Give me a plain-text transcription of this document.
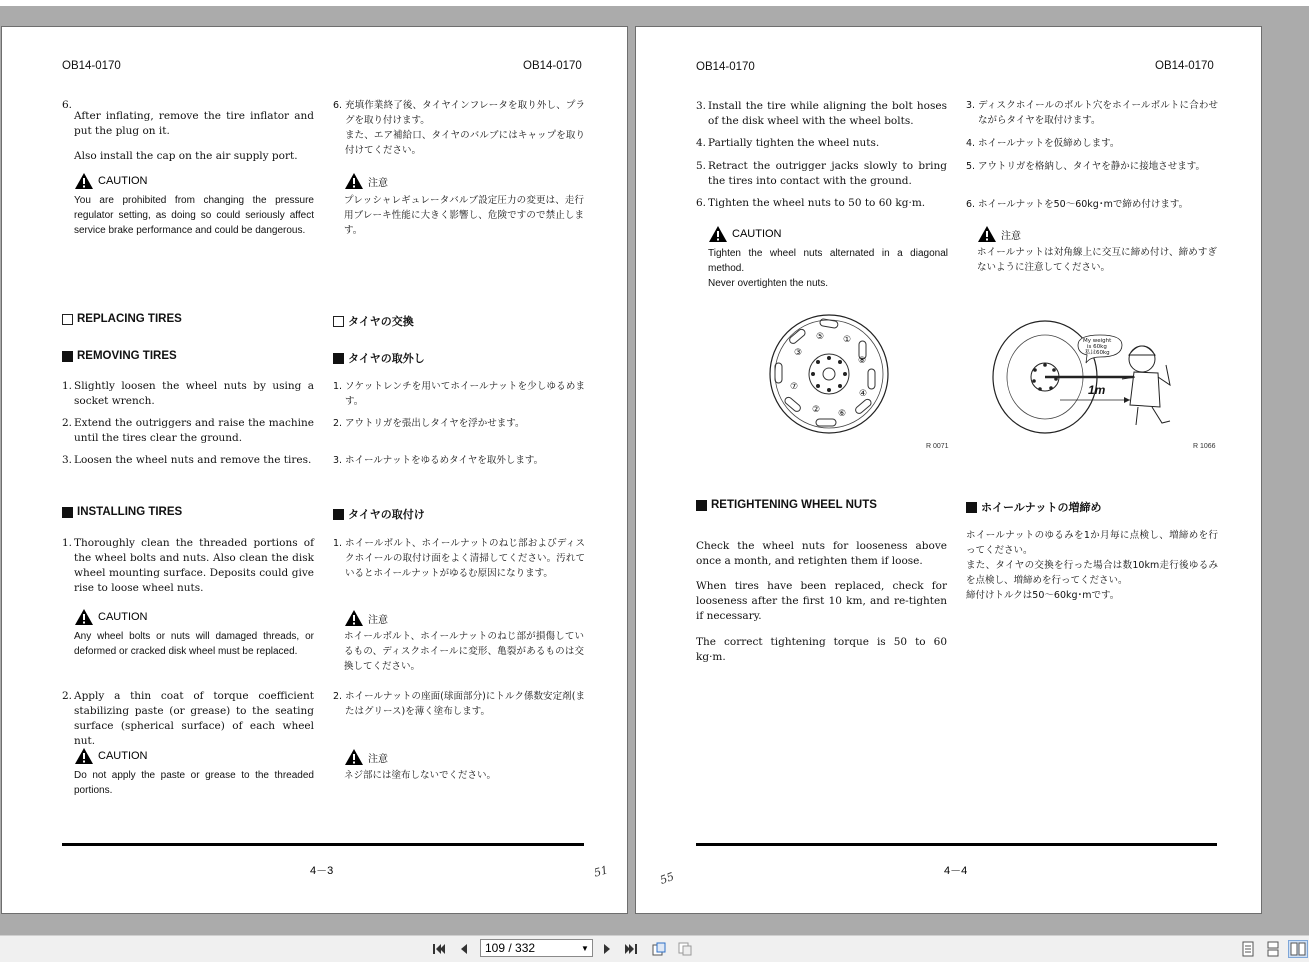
OB14-0170	OB14-0170
6.

After inflating, remove the tire inflator and put the plug on it.

Also install the cap on the air supply port.

6. 充填作業終了後、タイヤインフレータを取り外し、プラグを取り付けます。

また、エア補給口、タイヤのバルブにはキャップを取り付けてください。

CAUTION
You are prohibited from changing the pressure regulator setting, as doing so could seriously affect service brake performance and could be dangerous.
注意
プレッシャレギュレータバルブ設定圧力の変更は、走行用ブレーキ性能に大きく影響し、危険ですので禁止します。
REPLACING TIRES	タイヤの交換
REMOVING TIRES	タイヤの取外し
1. Slightly loosen the wheel nuts by using a socket wrench.
2. Extend the outriggers and raise the machine until the tires clear the ground.
3. Loosen the wheel nuts and remove the tires.
1. ソケットレンチを用いてホイールナットを少しゆるめます。
2. アウトリガを張出しタイヤを浮かせます。
3. ホイールナットをゆるめタイヤを取外します。
INSTALLING TIRES	タイヤの取付け
1. Thoroughly clean the threaded portions of the wheel bolts and nuts. Also clean the disk wheel mounting surface. Deposits could give rise to loose wheel nuts.
1. ホイールボルト、ホイールナットのねじ部およびディスクホイールの取付け面をよく清掃してください。汚れているとホイールナットがゆるむ原因になります。
CAUTION
Any wheel bolts or nuts will damaged threads, or deformed or cracked disk wheel must be replaced.
注意
ホイールボルト、ホイールナットのねじ部が損傷しているもの、ディスクホイールに変形、亀裂があるものは交換してください。
2. Apply a thin coat of torque coefficient stabilizing paste (or grease) to the seating surface (spherical surface) of each wheel nut.
2. ホイールナットの座面(球面部分)にトルク係数安定剤(またはグリース)を薄く塗布します。
CAUTION
Do not apply the paste or grease to the threaded portions.
注意
ネジ部には塗布しないでください。
4－3	51
OB14-0170	OB14-0170
3. Install the tire while aligning the bolt hoses of the disk wheel with the wheel bolts.
4. Partially tighten the wheel nuts.
5. Retract the outrigger jacks slowly to bring the tires into contact with the ground.
6. Tighten the wheel nuts to 50 to 60 kg·m.
3. ディスクホイールのボルト穴をホイールボルトに合わせながらタイヤを取付けます。
4. ホイールナットを仮締めします。
5. アウトリガを格納し、タイヤを静かに接地させます。
6. ホイールナットを50～60kg･mで締め付けます。
CAUTION
Tighten the wheel nuts alternated in a diagonal method.
Never overtighten the nuts.
注意
ホイールナットは対角線上に交互に締め付け、締めすぎないように注意してください。
①
②
③
④
⑤
⑥
⑦
⑧
R 0071
1m
My weight
is 60kg
私は60kg
R 1066
RETIGHTENING WHEEL NUTS	ホイールナットの増締め

Check the wheel nuts for looseness above once a month, and retighten them if loose.

When tires have been replaced, check for looseness after the first 10 km, and re-tighten if necessary.

The correct tightening torque is 50 to 60 kg·m.

ホイールナットのゆるみを1か月毎に点検し、増締めを行ってください。

また、タイヤの交換を行った場合は数10km走行後ゆるみを点検し、増締めを行ってください。

締付けトルクは50～60kg･mです。

4－4
55
109 / 332	▼
